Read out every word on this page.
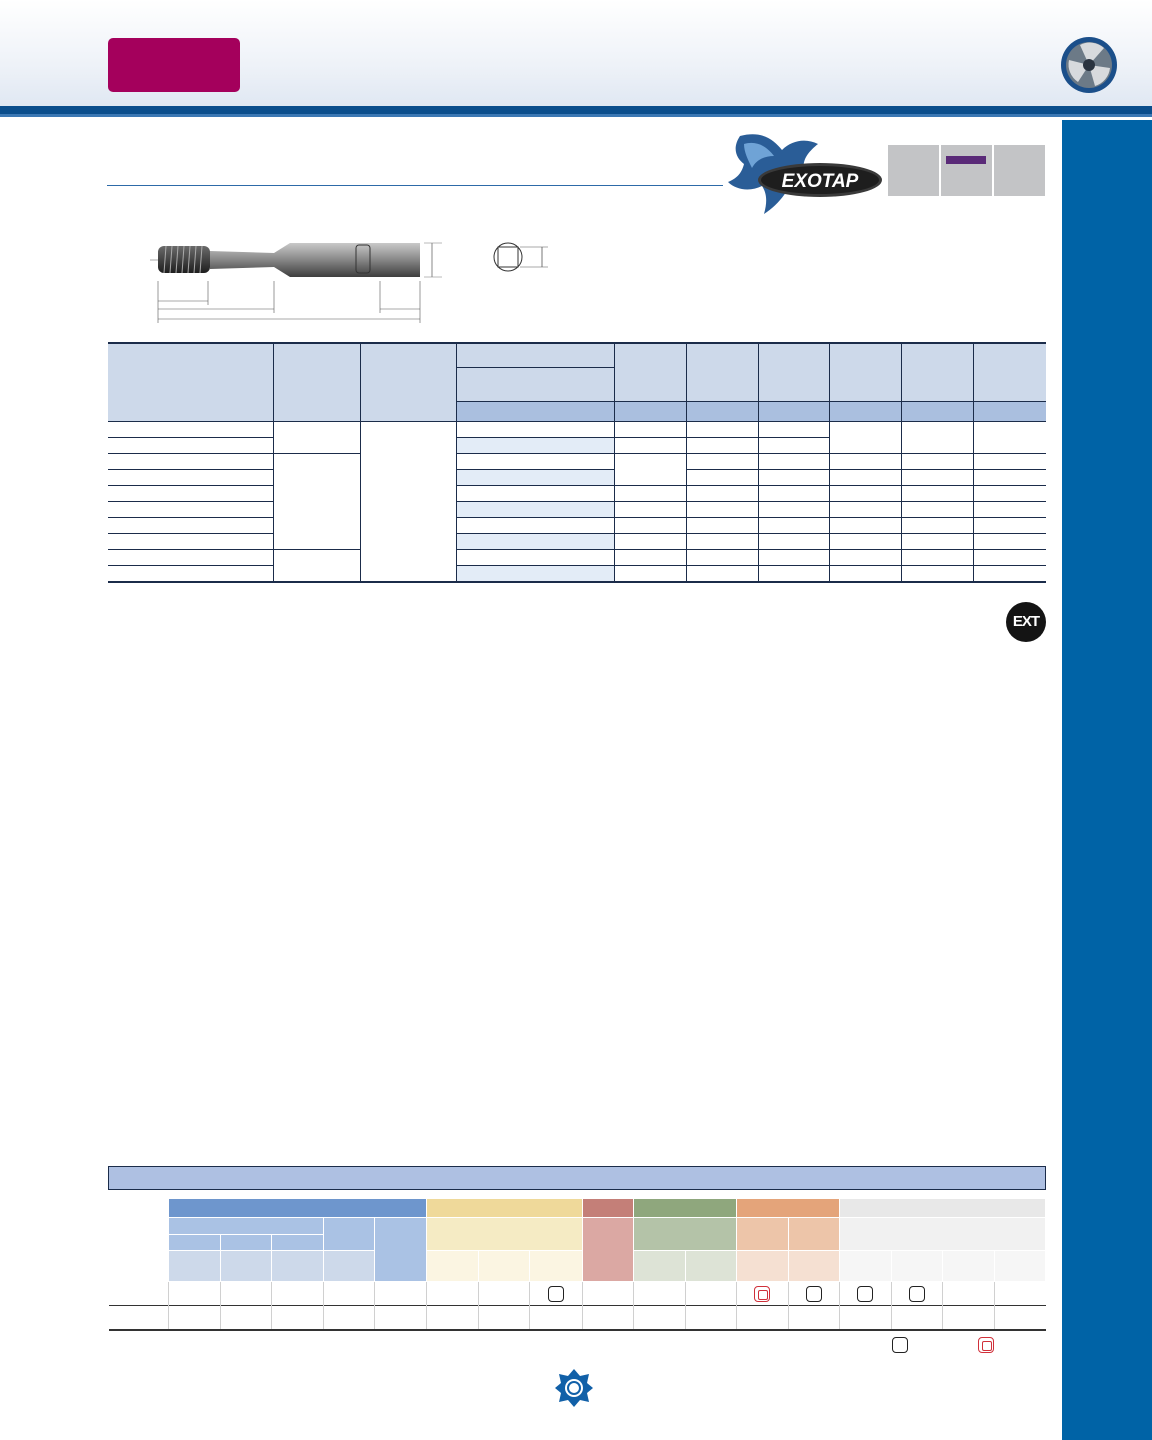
EXOTAP

EXT
